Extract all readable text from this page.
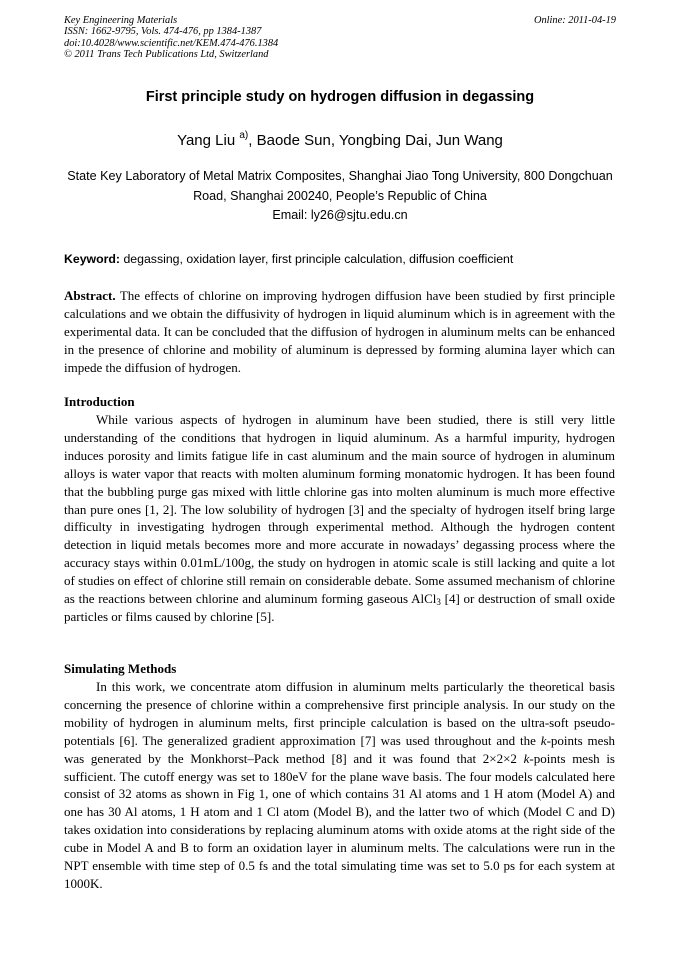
Key Engineering Materials
ISSN: 1662-9795, Vols. 474-476, pp 1384-1387
doi:10.4028/www.scientific.net/KEM.474-476.1384
© 2011 Trans Tech Publications Ltd, Switzerland
Online: 2011-04-19
First principle study on hydrogen diffusion in degassing
Yang Liu $^{a)}$, Baode Sun, Yongbing Dai, Jun Wang
State Key Laboratory of Metal Matrix Composites, Shanghai Jiao Tong University, 800 Dongchuan Road, Shanghai 200240, People’s Republic of China
Email: ly26@sjtu.edu.cn
Keyword: degassing, oxidation layer, first principle calculation, diffusion coefficient

Abstract. The effects of chlorine on improving hydrogen diffusion have been studied by first principle calculations and we obtain the diffusivity of hydrogen in liquid aluminum which is in agreement with the experimental data. It can be concluded that the diffusion of hydrogen in aluminum melts can be enhanced in the presence of chlorine and mobility of aluminum is depressed by forming alumina layer which can impede the diffusion of hydrogen.

Introduction

While various aspects of hydrogen in aluminum have been studied, there is still very little understanding of the conditions that hydrogen in liquid aluminum. As a harmful impurity, hydrogen induces porosity and limits fatigue life in cast aluminum and the main source of hydrogen in aluminum alloys is water vapor that reacts with molten aluminum forming monatomic hydrogen. It has been found that the bubbling purge gas mixed with little chlorine gas into molten aluminum is much more effective than pure ones [1, 2]. The low solubility of hydrogen [3] and the specialty of hydrogen itself bring large difficulty in investigating hydrogen through experimental method. Although the hydrogen content detection in liquid metals becomes more and more accurate in nowadays’ degassing process where the accuracy stays within 0.01mL/100g, the study on hydrogen in atomic scale is still lacking and quite a lot of studies on effect of chlorine still remain on considerable debate. Some assumed mechanism of chlorine as the reactions between chlorine and aluminum forming gaseous AlCl$_3$ [4] or destruction of small oxide particles or films caused by chlorine [5].

Simulating Methods

In this work, we concentrate atom diffusion in aluminum melts particularly the theoretical basis concerning the presence of chlorine within a comprehensive first principle analysis. In our study on the mobility of hydrogen in aluminum melts, first principle calculation is based on the ultra-soft pseudo-potentials [6]. The generalized gradient approximation [7] was used throughout and the k-points mesh was generated by the Monkhorst–Pack method [8] and it was found that 2×2×2 k-points mesh is sufficient. The cutoff energy was set to 180eV for the plane wave basis. The four models calculated here consist of 32 atoms as shown in Fig 1, one of which contains 31 Al atoms and 1 H atom (Model A) and one has 30 Al atoms, 1 H atom and 1 Cl atom (Model B), and the latter two of which (Model C and D) takes oxidation into considerations by replacing aluminum atoms with oxide atoms at the right side of the cube in Model A and B to form an oxidation layer in aluminum melts. The calculations were run in the NPT ensemble with time step of 0.5 fs and the total simulating time was set to 5.0 ps for each system at 1000K.
